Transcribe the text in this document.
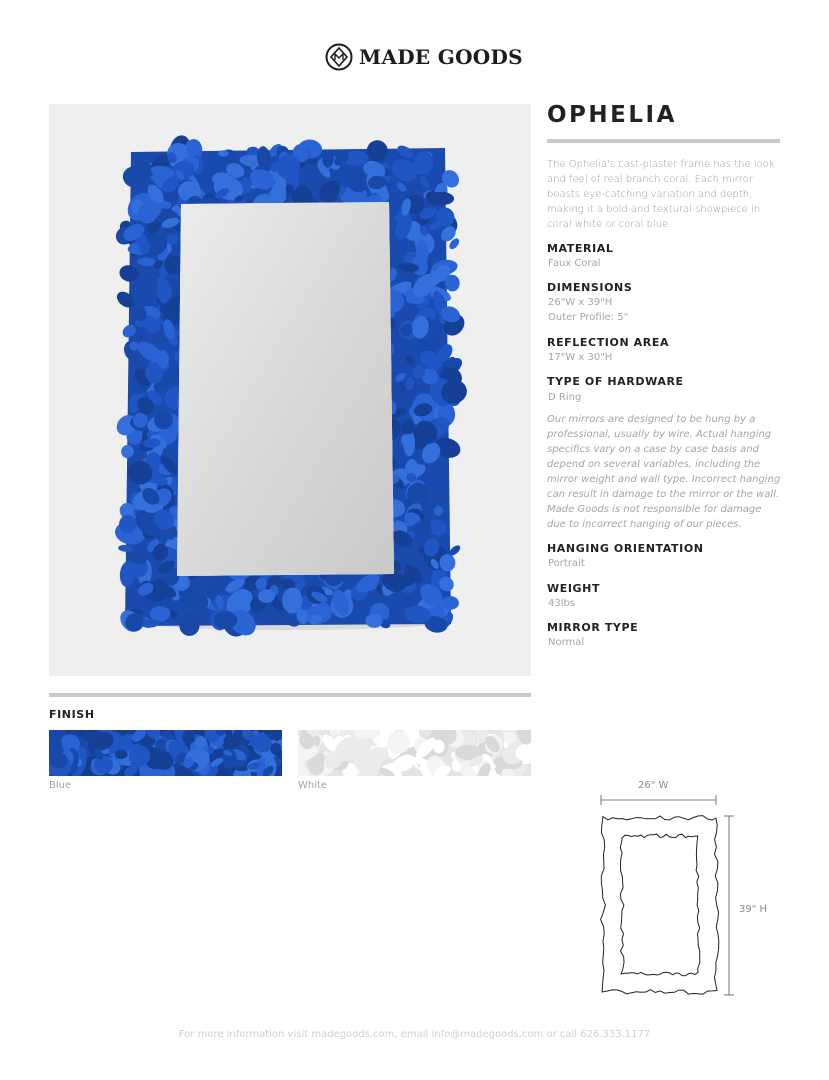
MADE GOODS
OPHELIA
The Ophelia's cast-plaster frame has the look and feel of real branch coral. Each mirror boasts eye-catching variation and depth, making it a bold and textural showpiece in coral white or coral blue.
MATERIAL
Faux Coral
DIMENSIONS
26"W x 39"H
Outer Profile: 5"
REFLECTION AREA
17"W x 30"H
TYPE OF HARDWARE
D Ring
HANGING ORIENTATION
Portrait
WEIGHT
43lbs
MIRROR TYPE
Normal
Our mirrors are designed to be hung by a professional, usually by wire. Actual hanging specifics vary on a case by case basis and depend on several variables, including the mirror weight and wall type. Incorrect hanging can result in damage to the mirror or the wall. Made Goods is not responsible for damage due to incorrect hanging of our pieces.
FINISH
Blue	White	26" W
39" H
For more information visit madegoods.com, email info@madegoods.com or call 626.333.1177
